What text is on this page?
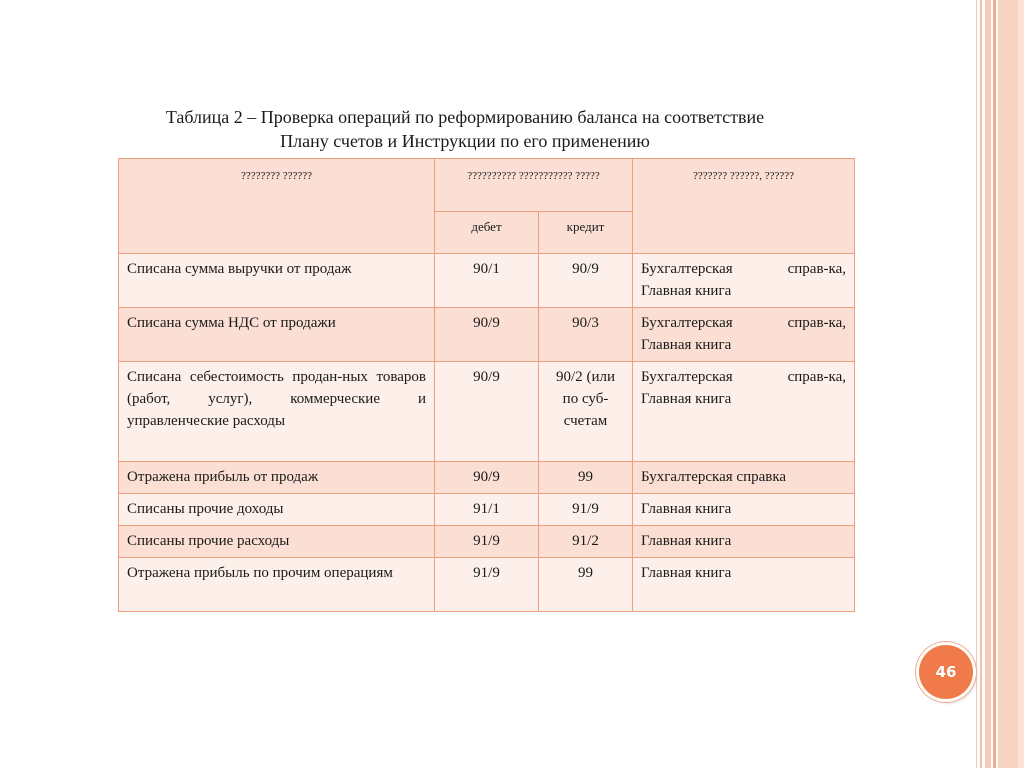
Таблица 2 – Проверка операций по реформированию баланса на соответствие
Плану счетов и Инструкции по его применению
???????? ??????	?????????? ??????????? ?????		??????? ??????, ??????
	дебет	кредит	
Списана сумма выручки от продаж	90/1	90/9	Бухгалтерская справ-ка, Главная книга
Списана сумма НДС от продажи	90/9	90/3	Бухгалтерская справ-ка, Главная книга
Списана себестоимость продан-ных товаров (работ, услуг), коммерческие и управленческие расходы	90/9	90/2 (или по суб-счетам	Бухгалтерская справ-ка, Главная книга
Отражена прибыль от продаж	90/9	99	Бухгалтерская справка
Списаны прочие доходы	91/1	91/9	Главная книга
Списаны прочие расходы	91/9	91/2	Главная книга
Отражена прибыль по прочим операциям	91/9	99	Главная книга
46
